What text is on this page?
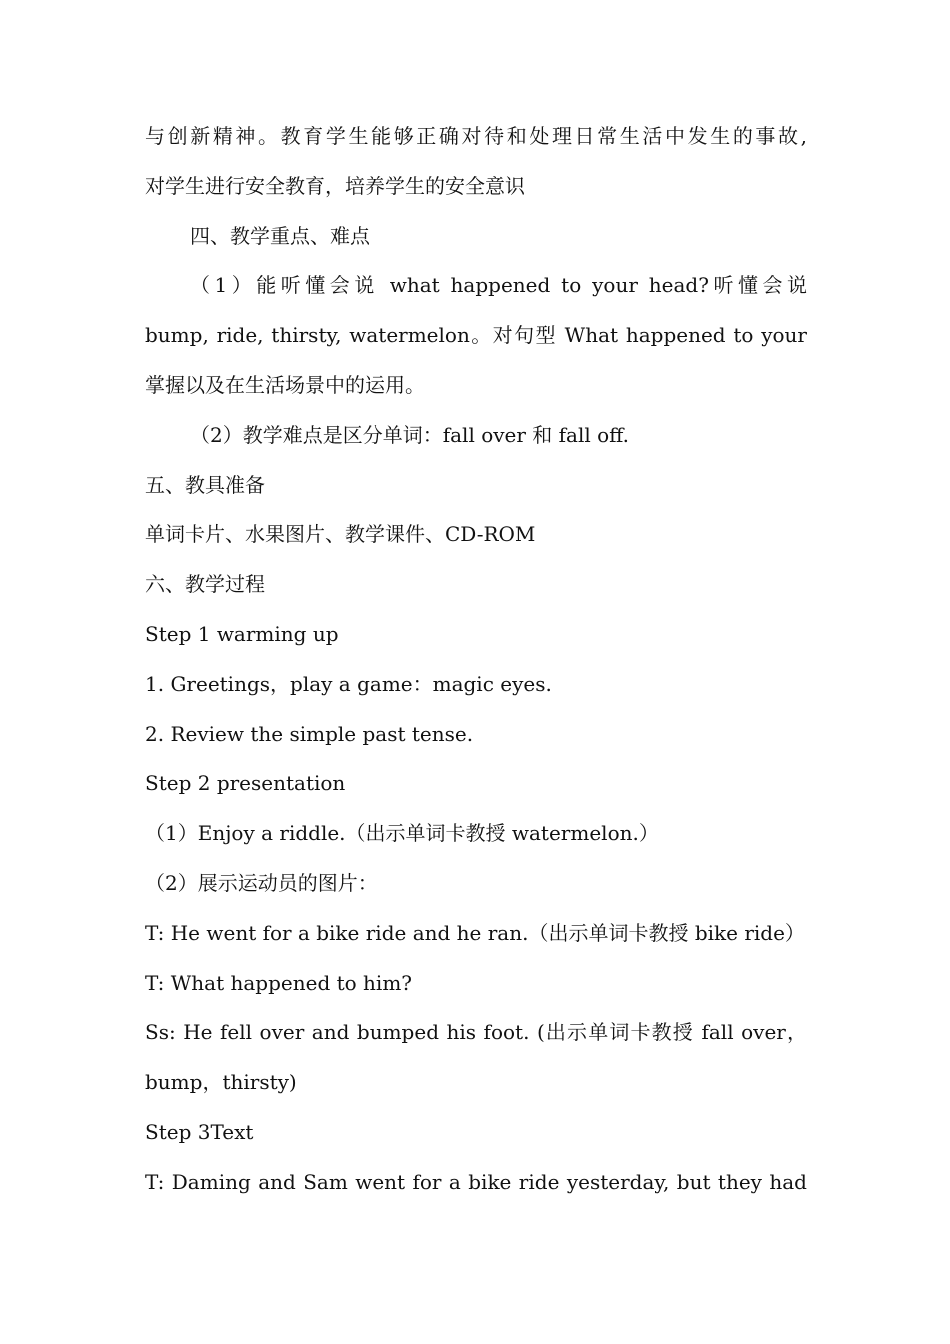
与创新精神。教育学生能够正确对待和处理日常生活中发生的事故,
对学生进行安全教育，培养学生的安全意识
四、教学重点、难点
（1）能听懂会说 what happened to your head?听懂会说
bump, ride, thirsty, watermelon。对句型 What happened to your
掌握以及在生活场景中的运用。
（2）教学难点是区分单词：fall over 和 fall off.
五、教具准备
单词卡片、水果图片、教学课件、CD-ROM
六、教学过程
Step 1 warming up
1. Greetings，play a game：magic eyes.
2. Review the simple past tense.
Step 2 presentation
（1）Enjoy a riddle.（出示单词卡教授 watermelon.）
（2）展示运动员的图片：
T: He went for a bike ride and he ran.（出示单词卡教授 bike ride）
T: What happened to him?
Ss: He fell over and bumped his foot. (出示单词卡教授 fall over，
bump，thirsty)
Step 3Text
T: Daming and Sam went for a bike ride yesterday, but they had
